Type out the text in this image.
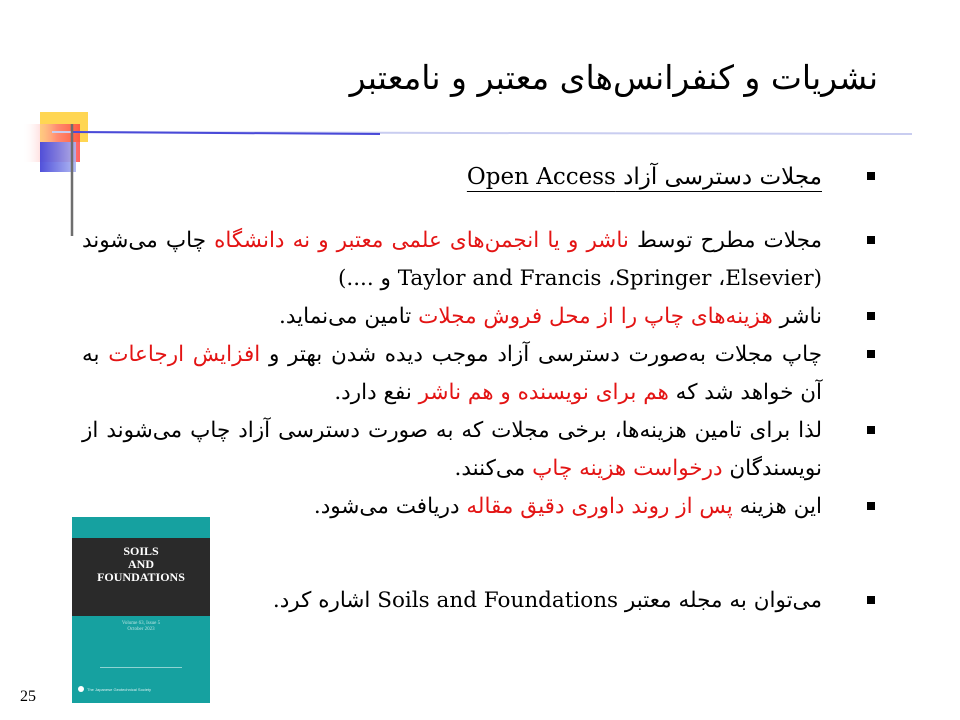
نشریات و کنفرانس‌های معتبر و نامعتبر
مجلات دسترسی آزاد Open Access
مجلات مطرح توسط ناشر و یا انجمن‌های علمی معتبر و نه دانشگاه چاپ می‌شوند (Elsevier، Springer، Taylor and Francis و ....)
ناشر هزینه‌های چاپ را از محل فروش مجلات تامین می‌نماید.
چاپ مجلات به‌صورت دسترسی آزاد موجب دیده شدن بهتر و افزایش ارجاعات به آن خواهد شد که هم برای نویسنده و هم ناشر نفع دارد.
لذا برای تامین هزینه‌ها، برخی مجلات که به صورت دسترسی آزاد چاپ می‌شوند از نویسندگان درخواست هزینه چاپ می‌کنند.
این هزینه پس از روند داوری دقیق مقاله دریافت می‌شود.
می‌توان به مجله معتبر Soils and Foundations اشاره کرد.
SOILS
AND
FOUNDATIONS
Volume 63, Issue 5
October 2023
The Japanese Geotechnical Society
25
